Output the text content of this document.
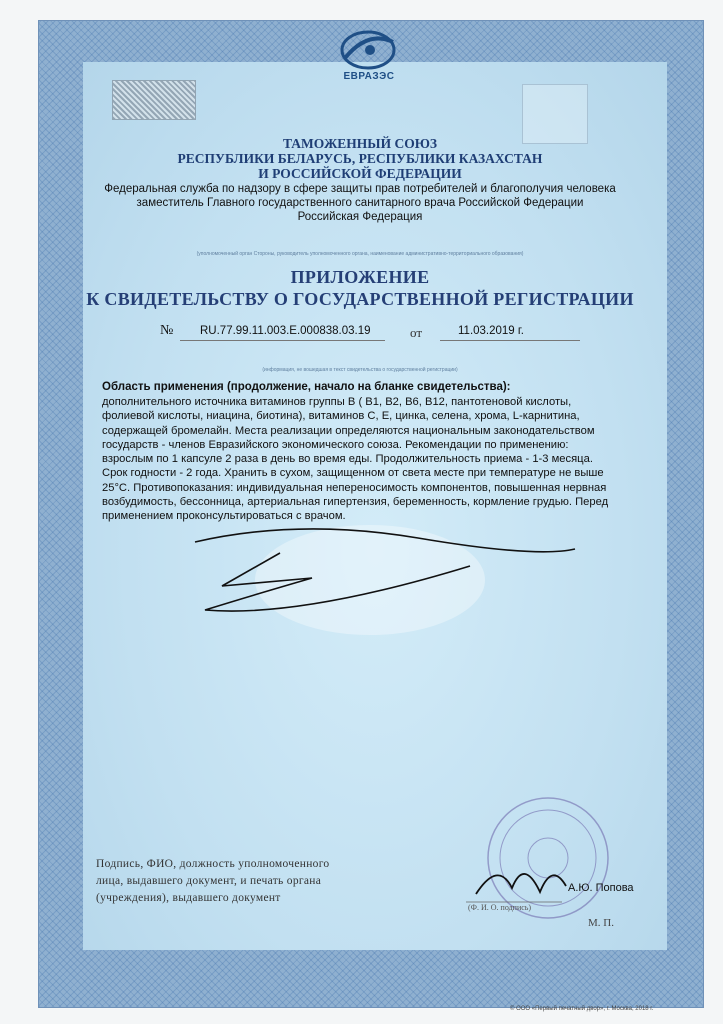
ЕВРАЗЭС
ТАМОЖЕННЫЙ СОЮЗ
РЕСПУБЛИКИ БЕЛАРУСЬ, РЕСПУБЛИКИ КАЗАХСТАН
И РОССИЙСКОЙ ФЕДЕРАЦИИ
Федеральная служба по надзору в сфере защиты прав потребителей и благополучия человека
заместитель Главного государственного санитарного врача Российской Федерации
Российская Федерация
(уполномоченный орган Стороны, руководитель уполномоченного органа, наименование административно-территориального образования)
ПРИЛОЖЕНИЕ
К СВИДЕТЕЛЬСТВУ О ГОСУДАРСТВЕННОЙ РЕГИСТРАЦИИ
№ RU.77.99.11.003.Е.000838.03.19	от	11.03.2019 г.
(информация, не вошедшая в текст свидетельства о государственной регистрации)
Область применения (продолжение, начало на бланке свидетельства):
дополнительного источника витаминов группы В ( В1, В2, В6, В12, пантотеновой кислоты,
фолиевой кислоты, ниацина, биотина), витаминов С, Е, цинка, селена, хрома, L-карнитина,
содержащей бромелайн. Места реализации определяются национальным законодательством
государств - членов Евразийского экономического союза. Рекомендации по применению:
взрослым по 1 капсуле 2 раза в день во время еды. Продолжительность приема - 1-3 месяца.
Срок годности - 2 года. Хранить в сухом, защищенном от света месте при температуре не выше
25°С. Противопоказания: индивидуальная непереносимость компонентов, повышенная нервная
возбудимость, бессонница, артериальная гипертензия, беременность, кормление грудью. Перед
применением проконсультироваться с врачом.
Подпись, ФИО, должность уполномоченного
лица, выдавшего документ, и печать органа
(учреждения), выдавшего документ
А.Ю. Попова
(Ф. И. О. подпись)
М. П.
© ООО «Первый печатный двор», г. Москва, 2018 г.
